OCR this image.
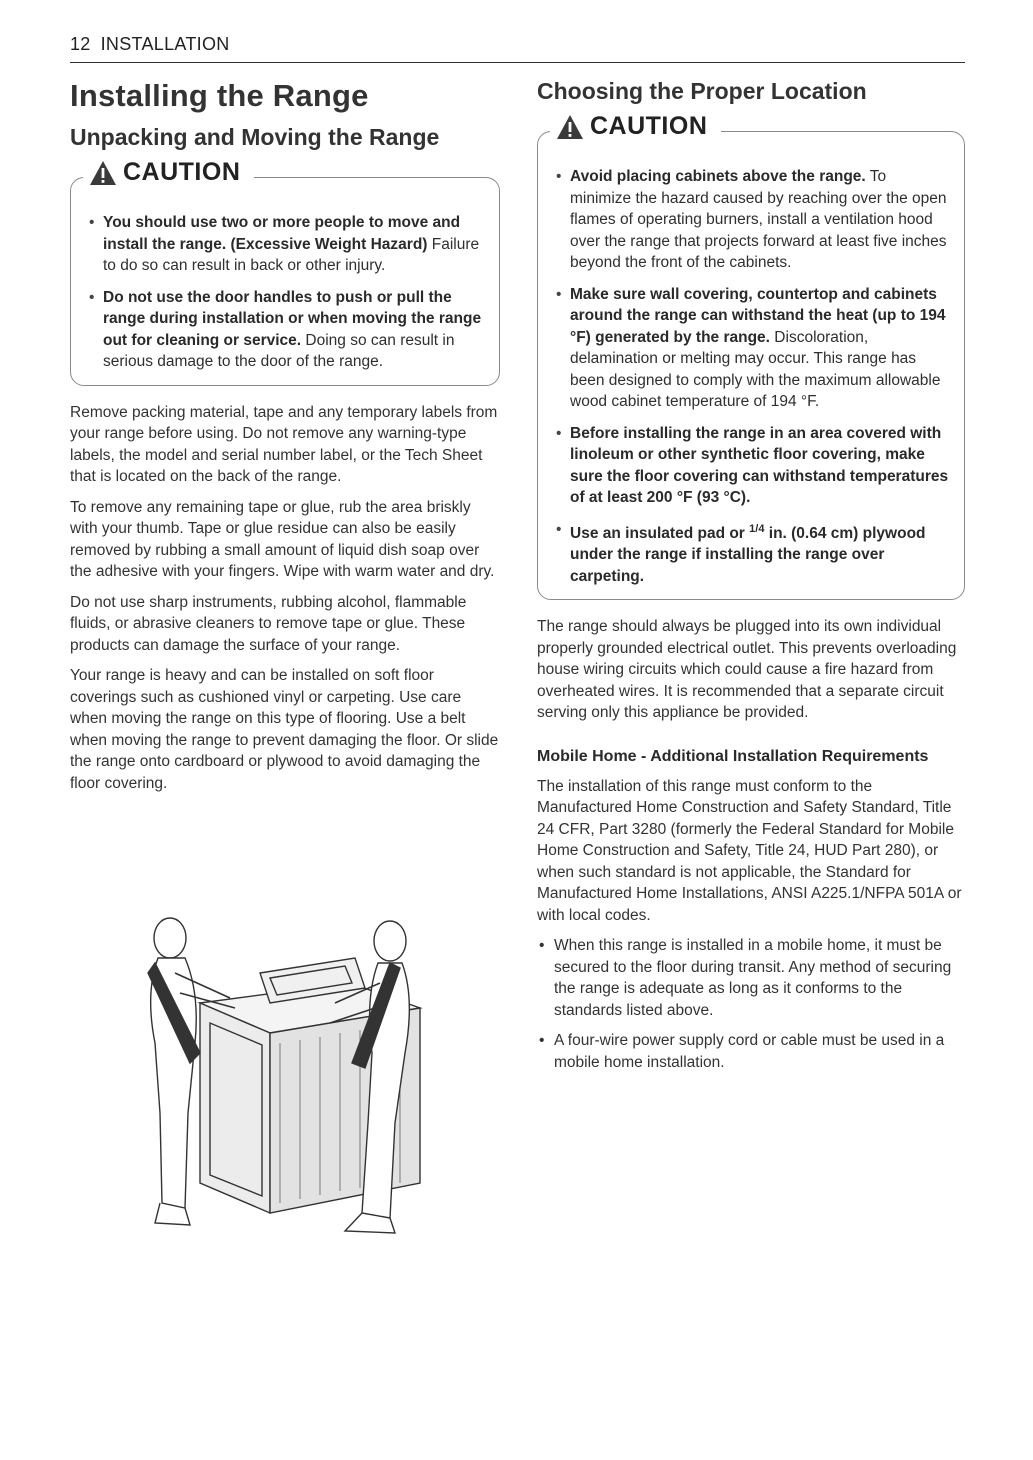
12 INSTALLATION
Installing the Range
Unpacking and Moving the Range
CAUTION
• You should use two or more people to move and install the range. (Excessive Weight Hazard) Failure to do so can result in back or other injury.
• Do not use the door handles to push or pull the range during installation or when moving the range out for cleaning or service. Doing so can result in serious damage to the door of the range.

Remove packing material, tape and any temporary labels from your range before using. Do not remove any warning-type labels, the model and serial number label, or the Tech Sheet that is located on the back of the range.

To remove any remaining tape or glue, rub the area briskly with your thumb. Tape or glue residue can also be easily removed by rubbing a small amount of liquid dish soap over the adhesive with your fingers. Wipe with warm water and dry.

Do not use sharp instruments, rubbing alcohol, flammable fluids, or abrasive cleaners to remove tape or glue. These products can damage the surface of your range.

Your range is heavy and can be installed on soft floor coverings such as cushioned vinyl or carpeting. Use care when moving the range on this type of flooring. Use a belt when moving the range to prevent damaging the floor. Or slide the range onto cardboard or plywood to avoid damaging the floor covering.

Choosing the Proper Location
CAUTION
• Avoid placing cabinets above the range. To minimize the hazard caused by reaching over the open flames of operating burners, install a ventilation hood over the range that projects forward at least five inches beyond the front of the cabinets.
• Make sure wall covering, countertop and cabinets around the range can withstand the heat (up to 194 °F) generated by the range. Discoloration, delamination or melting may occur. This range has been designed to comply with the maximum allowable wood cabinet temperature of 194 °F.
• Before installing the range in an area covered with linoleum or other synthetic floor covering, make sure the floor covering can withstand temperatures of at least 200 °F (93 °C).
• Use an insulated pad or $^{1/4}$ in. (0.64 cm) plywood under the range if installing the range over carpeting.

The range should always be plugged into its own individual properly grounded electrical outlet. This prevents overloading house wiring circuits which could cause a fire hazard from overheated wires. It is recommended that a separate circuit serving only this appliance be provided.

Mobile Home - Additional Installation Requirements

The installation of this range must conform to the Manufactured Home Construction and Safety Standard, Title 24 CFR, Part 3280 (formerly the Federal Standard for Mobile Home Construction and Safety, Title 24, HUD Part 280), or when such standard is not applicable, the Standard for Manufactured Home Installations, ANSI A225.1/NFPA 501A or with local codes.

• When this range is installed in a mobile home, it must be secured to the floor during transit. Any method of securing the range is adequate as long as it conforms to the standards listed above.
• A four-wire power supply cord or cable must be used in a mobile home installation.
